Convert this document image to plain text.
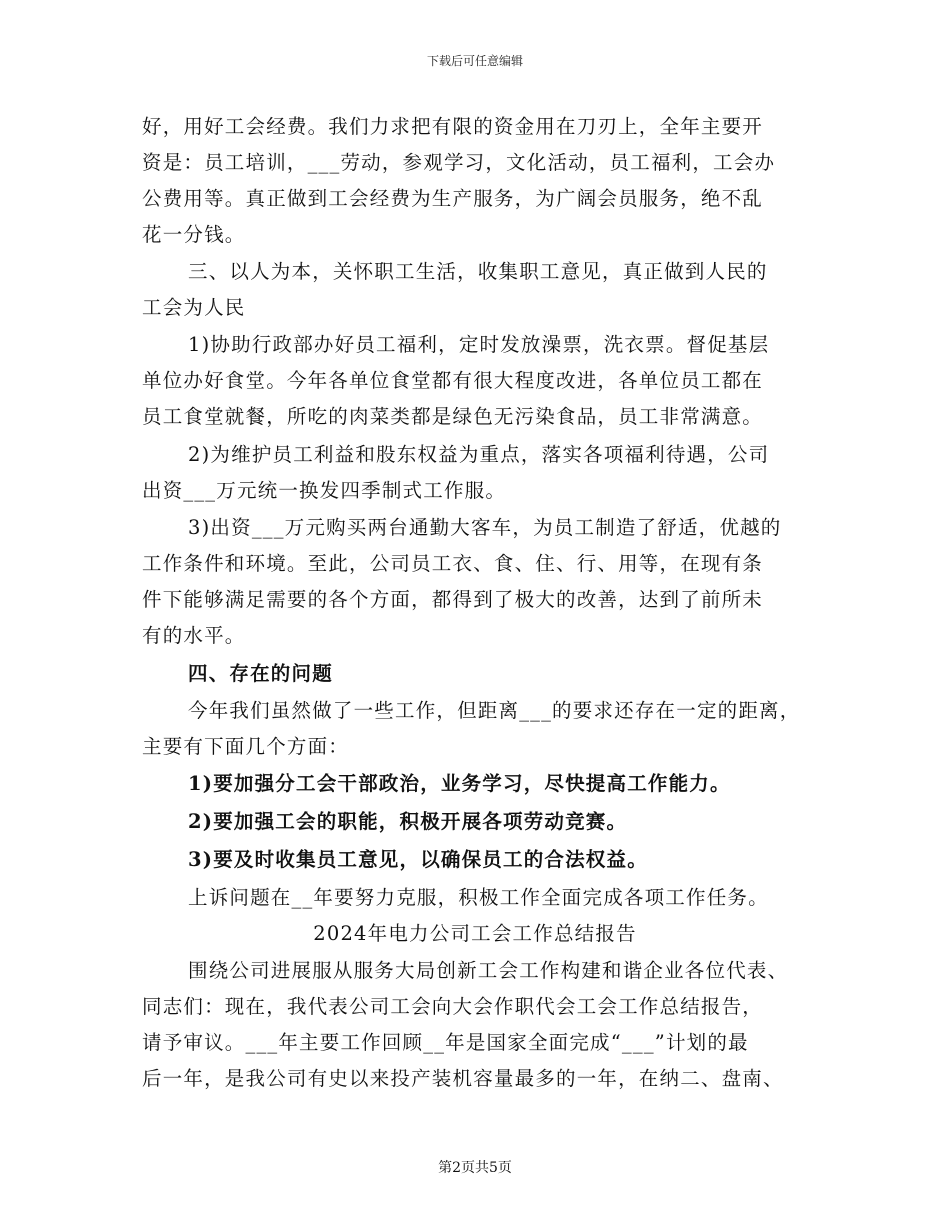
下载后可任意编辑
好，用好工会经费。我们力求把有限的资金用在刀刃上，全年主要开
资是：员工培训，___劳动，参观学习，文化活动，员工福利，工会办
公费用等。真正做到工会经费为生产服务，为广阔会员服务，绝不乱
花一分钱。
三、以人为本，关怀职工生活，收集职工意见，真正做到人民的
工会为人民
1)协助行政部办好员工福利，定时发放澡票，洗衣票。督促基层
单位办好食堂。今年各单位食堂都有很大程度改进，各单位员工都在
员工食堂就餐，所吃的肉菜类都是绿色无污染食品，员工非常满意。
2)为维护员工利益和股东权益为重点，落实各项福利待遇，公司
出资___万元统一换发四季制式工作服。
3)出资___万元购买两台通勤大客车，为员工制造了舒适，优越的
工作条件和环境。至此，公司员工衣、食、住、行、用等，在现有条
件下能够满足需要的各个方面，都得到了极大的改善，达到了前所未
有的水平。
四、存在的问题
今年我们虽然做了一些工作，但距离___的要求还存在一定的距离，
主要有下面几个方面：
1)要加强分工会干部政治，业务学习，尽快提高工作能力。
2)要加强工会的职能，积极开展各项劳动竞赛。
3)要及时收集员工意见，以确保员工的合法权益。
上诉问题在__年要努力克服，积极工作全面完成各项工作任务。
2024年电力公司工会工作总结报告
围绕公司进展服从服务大局创新工会工作构建和谐企业各位代表、
同志们：现在，我代表公司工会向大会作职代会工会工作总结报告，
请予审议。___年主要工作回顾__年是国家全面完成“___”计划的最
后一年，是我公司有史以来投产装机容量最多的一年，在纳二、盘南、
第2页共5页
